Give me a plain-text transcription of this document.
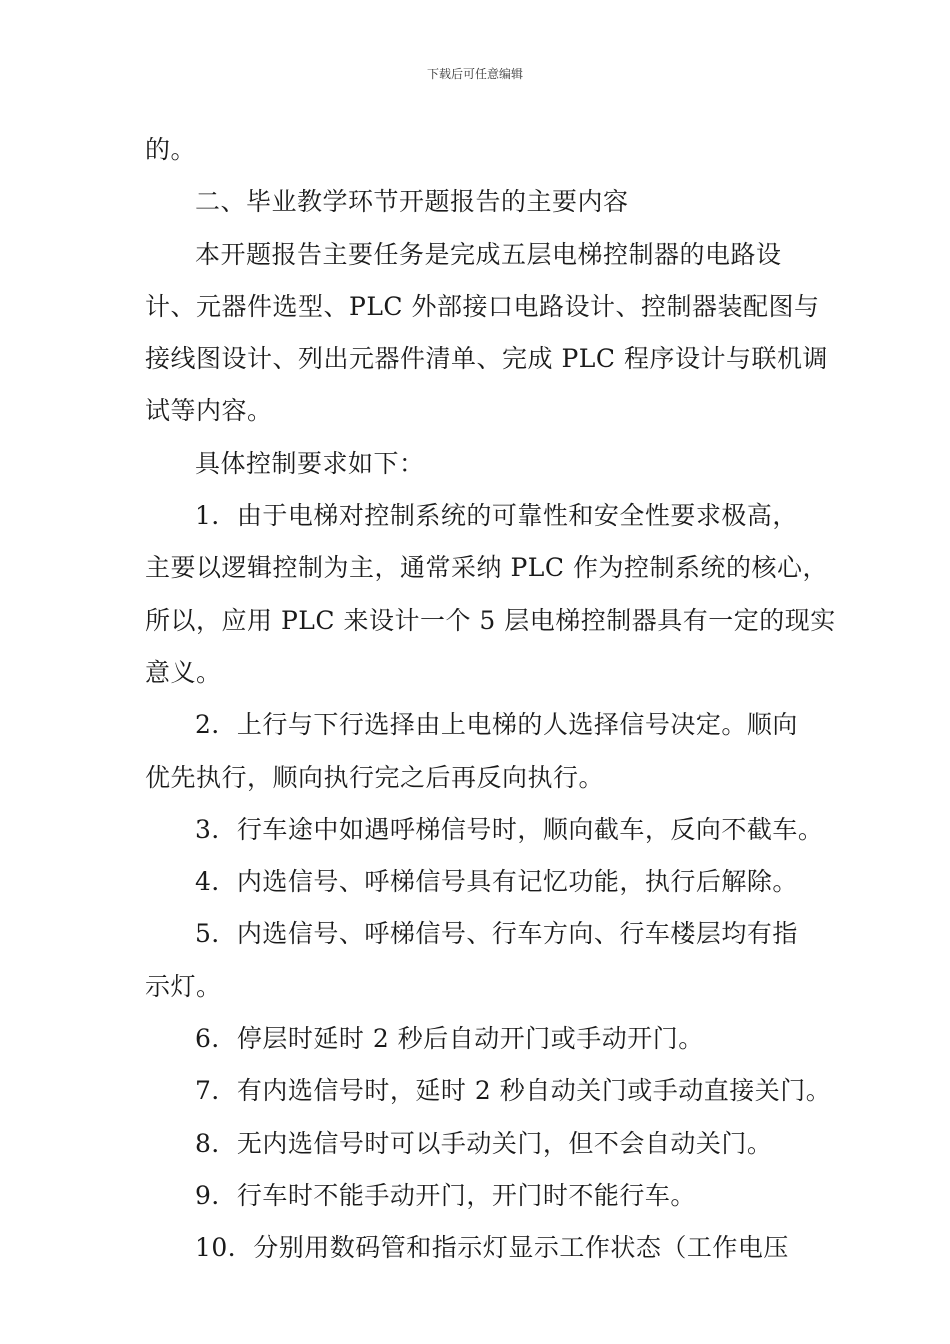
下载后可任意编辑
的。
二、毕业教学环节开题报告的主要内容
本开题报告主要任务是完成五层电梯控制器的电路设
计、元器件选型、PLC 外部接口电路设计、控制器装配图与
接线图设计、列出元器件清单、完成 PLC 程序设计与联机调
试等内容。
具体控制要求如下：
1．由于电梯对控制系统的可靠性和安全性要求极高，
主要以逻辑控制为主，通常采纳 PLC 作为控制系统的核心，
所以，应用 PLC 来设计一个 5 层电梯控制器具有一定的现实
意义。
2．上行与下行选择由上电梯的人选择信号决定。顺向
优先执行，顺向执行完之后再反向执行。
3．行车途中如遇呼梯信号时，顺向截车，反向不截车。
4．内选信号、呼梯信号具有记忆功能，执行后解除。
5．内选信号、呼梯信号、行车方向、行车楼层均有指
示灯。
6．停层时延时 2 秒后自动开门或手动开门。
7．有内选信号时，延时 2 秒自动关门或手动直接关门。
8．无内选信号时可以手动关门，但不会自动关门。
9．行车时不能手动开门，开门时不能行车。
10．分别用数码管和指示灯显示工作状态（工作电压
